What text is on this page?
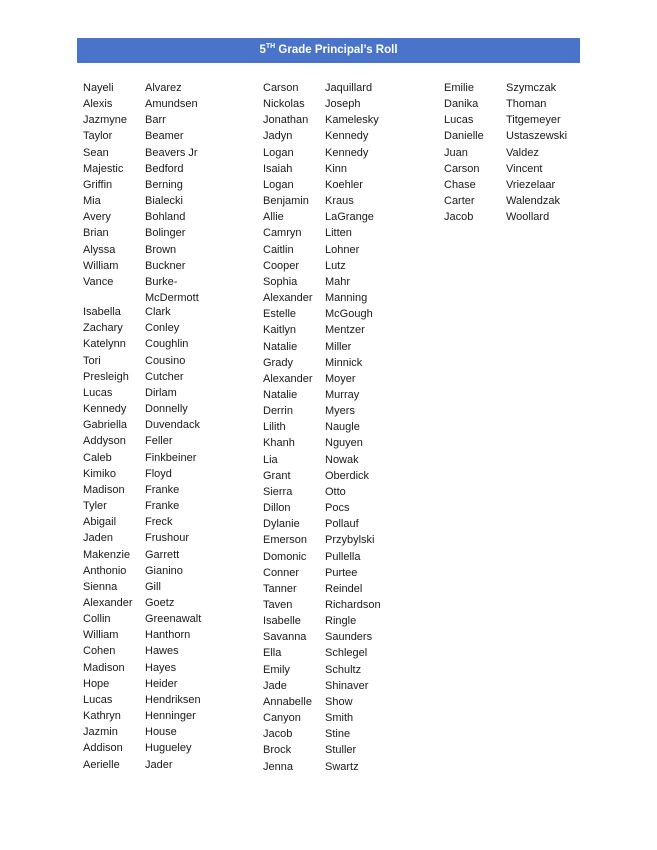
5TH Grade Principal’s Roll
Nayeli	Alvarez
Alexis	Amundsen
Jazmyne	Barr
Taylor	Beamer
Sean	Beavers Jr
Majestic	Bedford
Griffin	Berning
Mia	Bialecki
Avery	Bohland
Brian	Bolinger
Alyssa	Brown
William	Buckner
Vance	Burke-
McDermott
Isabella	Clark
Zachary	Conley
Katelynn	Coughlin
Tori	Cousino
Presleigh	Cutcher
Lucas	Dirlam
Kennedy	Donnelly
Gabriella	Duvendack
Addyson	Feller
Caleb	Finkbeiner
Kimiko	Floyd
Madison	Franke
Tyler	Franke
Abigail	Freck
Jaden	Frushour
Makenzie	Garrett
Anthonio	Gianino
Sienna	Gill
Alexander	Goetz
Collin	Greenawalt
William	Hanthorn
Cohen	Hawes
Madison	Hayes
Hope	Heider
Lucas	Hendriksen
Kathryn	Henninger
Jazmin	House
Addison	Hugueley
Aerielle	Jader
Carson	Jaquillard
Nickolas	Joseph
Jonathan	Kamelesky
Jadyn	Kennedy
Logan	Kennedy
Isaiah	Kinn
Logan	Koehler
Benjamin	Kraus
Allie	LaGrange
Camryn	Litten
Caitlin	Lohner
Cooper	Lutz
Sophia	Mahr
Alexander	Manning
Estelle	McGough
Kaitlyn	Mentzer
Natalie	Miller
Grady	Minnick
Alexander	Moyer
Natalie	Murray
Derrin	Myers
Lilith	Naugle
Khanh	Nguyen
Lia	Nowak
Grant	Oberdick
Sierra	Otto
Dillon	Pocs
Dylanie	Pollauf
Emerson	Przybylski
Domonic	Pullella
Conner	Purtee
Tanner	Reindel
Taven	Richardson
Isabelle	Ringle
Savanna	Saunders
Ella	Schlegel
Emily	Schultz
Jade	Shinaver
Annabelle	Show
Canyon	Smith
Jacob	Stine
Brock	Stuller
Jenna	Swartz
Emilie	Szymczak
Danika	Thoman
Lucas	Titgemeyer
Danielle	Ustaszewski
Juan	Valdez
Carson	Vincent
Chase	Vriezelaar
Carter	Walendzak
Jacob	Woollard
